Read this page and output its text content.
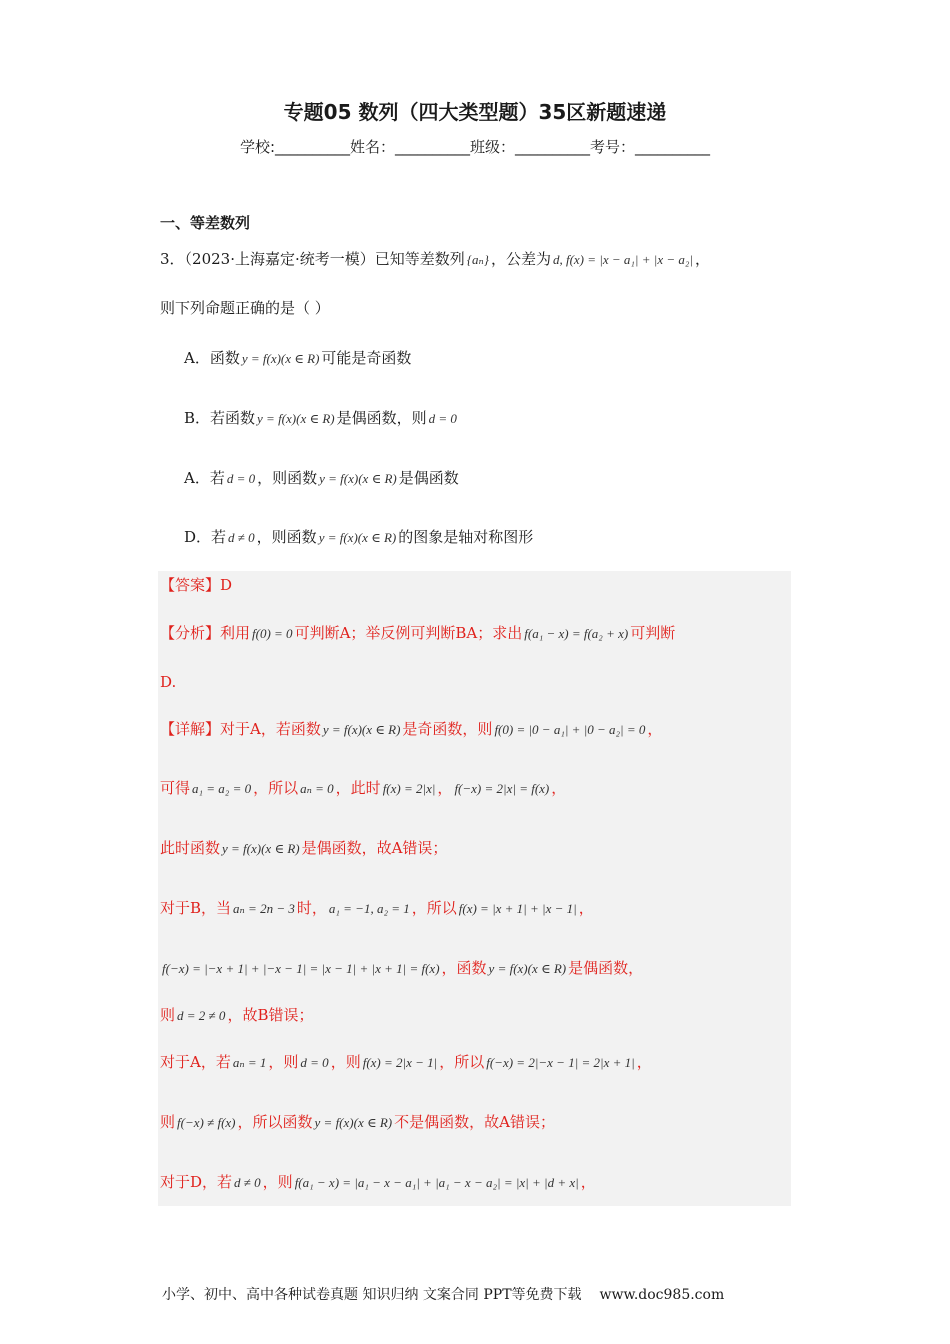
专题05 数列（四大类型题）35区新题速递
学校:__________姓名：__________班级：__________考号：__________
一、等差数列
3．（2023·上海嘉定·统考一模）已知等差数列 {aₙ} ，公差为 d, f(x) = |x − a₁| + |x − a₂| ，
则下列命题正确的是（ ）
A．函数 y = f(x)(x ∈ R) 可能是奇函数
B．若函数 y = f(x)(x ∈ R) 是偶函数，则 d = 0
A．若 d = 0 ，则函数 y = f(x)(x ∈ R) 是偶函数
D．若 d ≠ 0 ，则函数 y = f(x)(x ∈ R) 的图象是轴对称图形
【答案】D
【分析】利用 f(0) = 0 可判断A；举反例可判断BA；求出 f(a₁ − x) = f(a₂ + x) 可判断
D.
【详解】对于A，若函数 y = f(x)(x ∈ R) 是奇函数，则 f(0) = |0 − a₁| + |0 − a₂| = 0 ，
可得 a₁ = a₂ = 0 ，所以 aₙ = 0 ，此时 f(x) = 2|x| ， f(−x) = 2|x| = f(x) ，
此时函数 y = f(x)(x ∈ R) 是偶函数，故A错误；
对于B，当 aₙ = 2n − 3 时， a₁ = −1, a₂ = 1 ，所以 f(x) = |x + 1| + |x − 1| ，
f(−x) = |−x + 1| + |−x − 1| = |x − 1| + |x + 1| = f(x) ，函数 y = f(x)(x ∈ R) 是偶函数，
则 d = 2 ≠ 0 ，故B错误；
对于A，若 aₙ = 1 ，则 d = 0 ，则 f(x) = 2|x − 1| ，所以 f(−x) = 2|−x − 1| = 2|x + 1| ，
则 f(−x) ≠ f(x) ，所以函数 y = f(x)(x ∈ R) 不是偶函数，故A错误；
对于D，若 d ≠ 0 ，则 f(a₁ − x) = |a₁ − x − a₁| + |a₁ − x − a₂| = |x| + |d + x| ，
小学、初中、高中各种试卷真题 知识归纳 文案合同 PPT等免费下载 www.doc985.com
